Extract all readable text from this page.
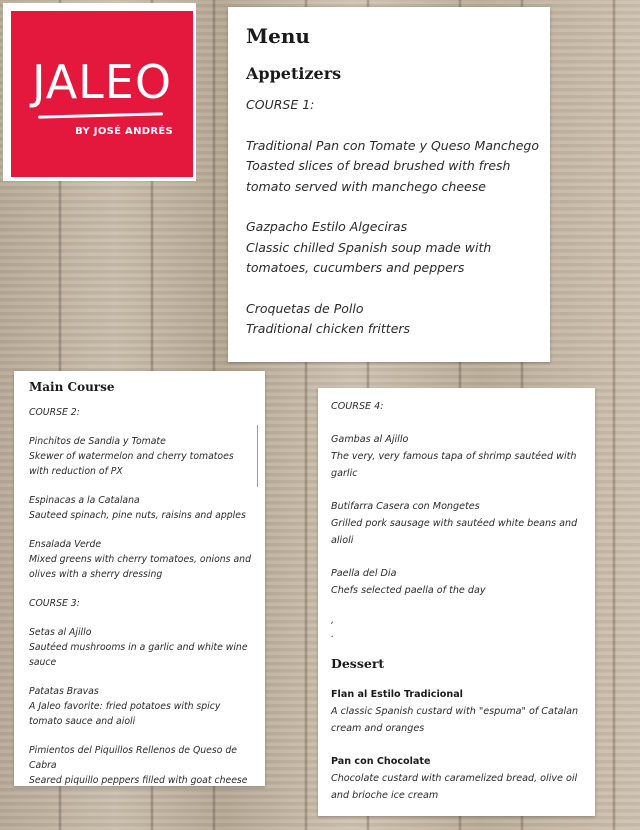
JALEO
BY JOSÉ ANDRÉS
Menu
Appetizers

COURSE 1:

Traditional Pan con Tomate y Queso Manchego
Toasted slices of bread brushed with fresh tomato served with manchego cheese

Gazpacho Estilo Algeciras
Classic chilled Spanish soup made with tomatoes, cucumbers and peppers

Croquetas de Pollo
Traditional chicken fritters

Main Course

COURSE 2:

Pinchitos de Sandia y Tomate
Skewer of watermelon and cherry tomatoes with reduction of PX

Espinacas a la Catalana
Sauteed spinach, pine nuts, raisins and apples

Ensalada Verde
Mixed greens with cherry tomatoes, onions and olives with a sherry dressing

COURSE 3:

Setas al Ajillo
Sautéed mushrooms in a garlic and white wine sauce

Patatas Bravas
A Jaleo favorite: fried potatoes with spicy tomato sauce and aioli

Pimientos del Piquillos Rellenos de Queso de Cabra
Seared piquillo peppers filled with goat cheese

COURSE 4:

Gambas al Ajillo
The very, very famous tapa of shrimp sautéed with garlic

Butifarra Casera con Mongetes
Grilled pork sausage with sautéed white beans and alioli

Paella del Dia
Chefs selected paella of the day

,
.
Dessert

Flan al Estilo Tradicional
A classic Spanish custard with "espuma" of Catalan cream and oranges

Pan con Chocolate
Chocolate custard with caramelized bread, olive oil and brioche ice cream
